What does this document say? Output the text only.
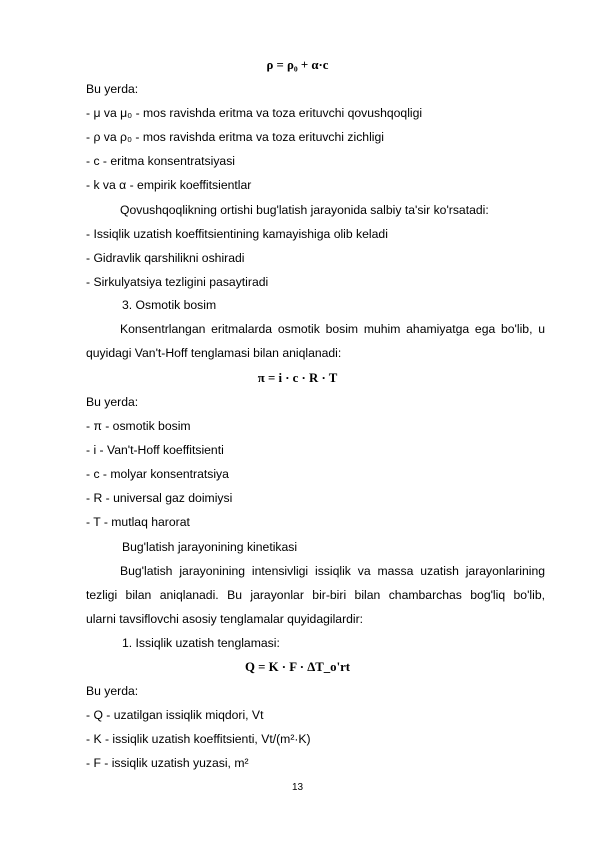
ρ = ρ₀ + α·c
Bu yerda:
- μ va μ₀ - mos ravishda eritma va toza erituvchi qovushqoqligi
- ρ va ρ₀ - mos ravishda eritma va toza erituvchi zichligi
- c - eritma konsentratsiyasi
- k va α - empirik koeffitsientlar
Qovushqoqlikning ortishi bug'latish jarayonida salbiy ta'sir ko'rsatadi:
- Issiqlik uzatish koeffitsientining kamayishiga olib keladi
- Gidravlik qarshilikni oshiradi
- Sirkulyatsiya tezligini pasaytiradi
3. Osmotik bosim
Konsentrlangan eritmalarda osmotik bosim muhim ahamiyatga ega bo'lib, u
quyidagi Van't-Hoff tenglamasi bilan aniqlanadi:
π = i · c · R · T
Bu yerda:
- π - osmotik bosim
- i - Van't-Hoff koeffitsienti
- c - molyar konsentratsiya
- R - universal gaz doimiysi
- T - mutlaq harorat
Bug'latish jarayonining kinetikasi
Bug'latish jarayonining intensivligi issiqlik va massa uzatish jarayonlarining
tezligi bilan aniqlanadi. Bu jarayonlar bir-biri bilan chambarchas bog'liq bo'lib,
ularni tavsiflovchi asosiy tenglamalar quyidagilardir:
1. Issiqlik uzatish tenglamasi:
Q = K · F · ΔT_o'rt
Bu yerda:
- Q - uzatilgan issiqlik miqdori, Vt
- K - issiqlik uzatish koeffitsienti, Vt/(m²·K)
- F - issiqlik uzatish yuzasi, m²
13
